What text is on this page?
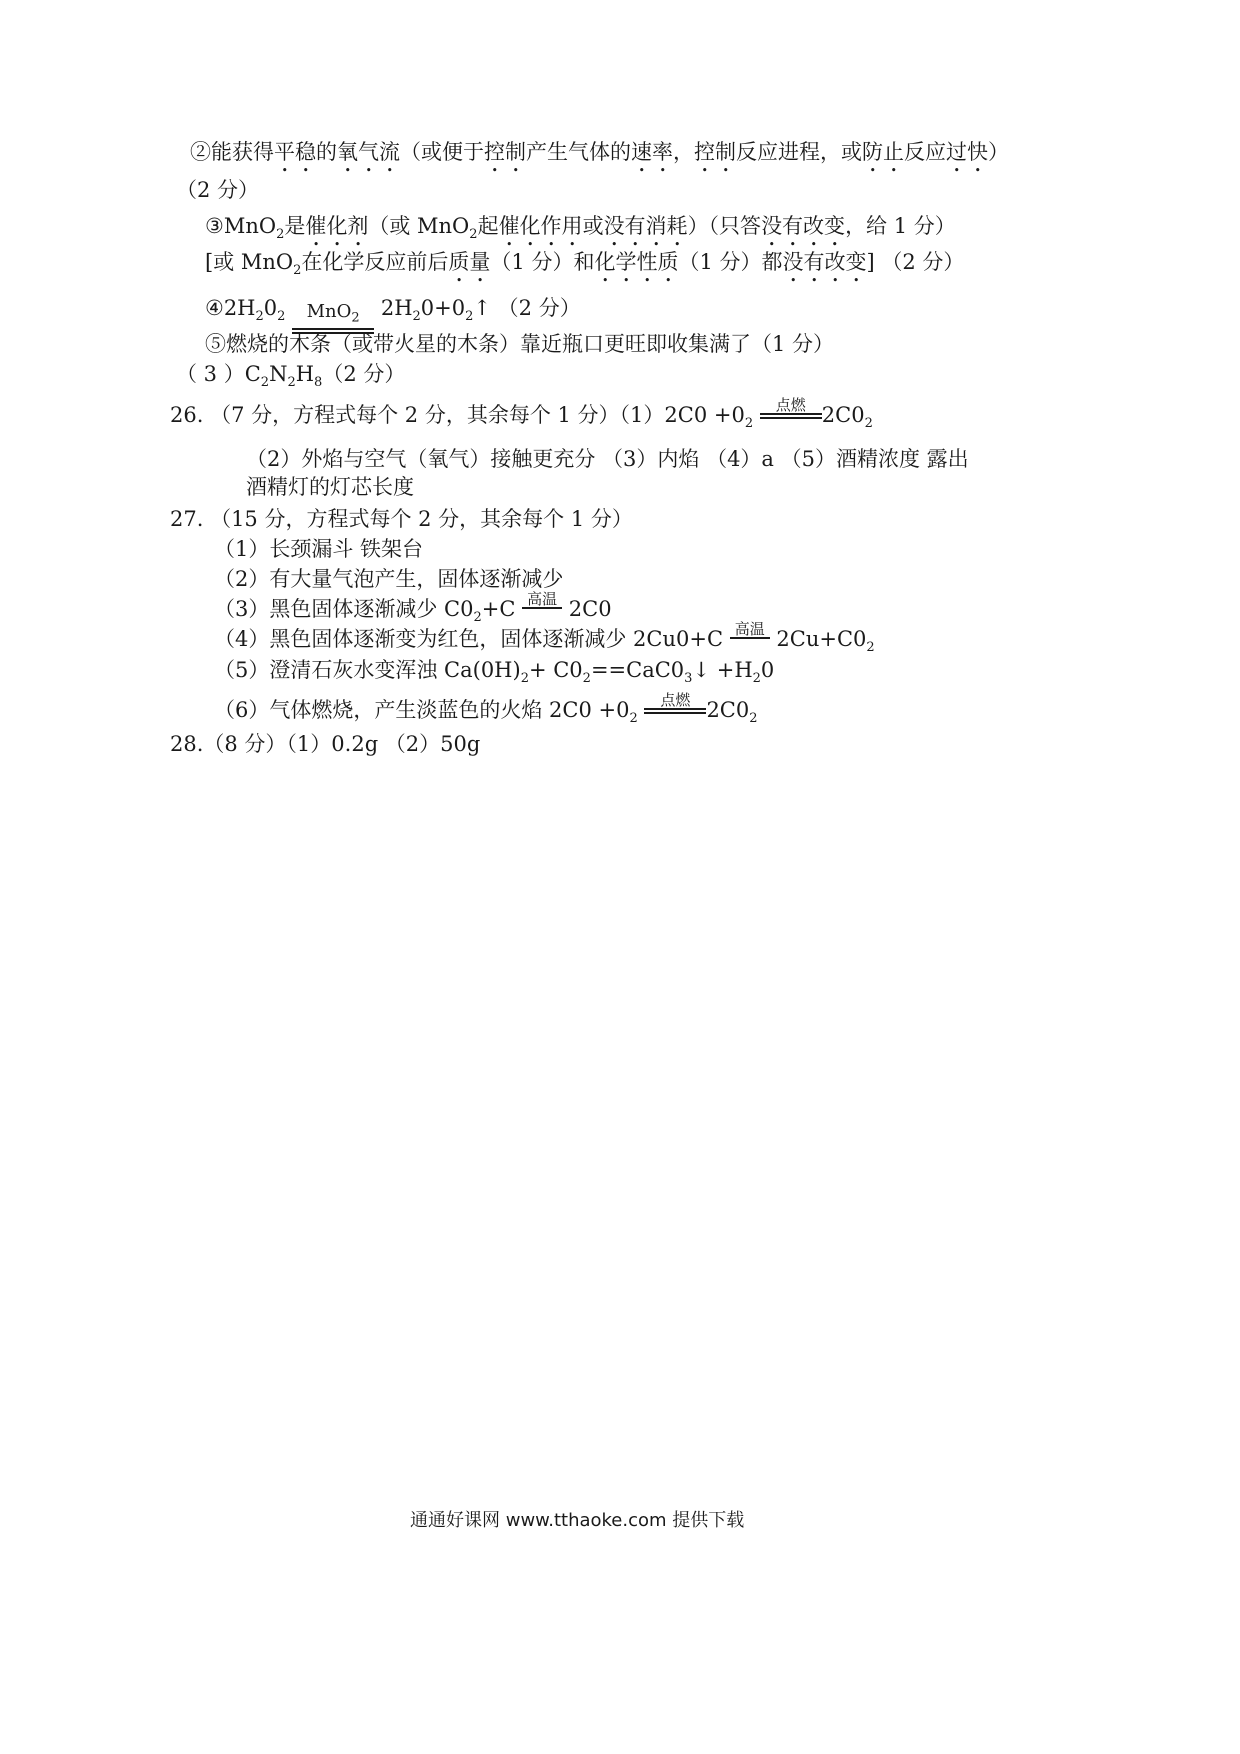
②能获得平稳的氧气流（或便于控制产生气体的速率，控制反应进程，或防止反应过快）
（2 分）
③MnO$_2$是催化剂（或 MnO$_2$起催化作用或没有消耗）（只答没有改变，给 1 分）
[或 MnO$_2$在化学反应前后质量（1 分）和化学性质（1 分）都没有改变] （2 分）
$④2H_20_2$	MnO$_2$	$2H_20+0_2↑$ （2 分）
⑤燃烧的木条（或带火星的木条）靠近瓶口更旺即收集满了（1 分）
（ 3 ）$C_2N_2H_8(2$ 分）
26. （7 分，方程式每个 2 分，其余每个 1 分）$(1)2C0 +0_2$
点燃 $2C0_2$
（2）外焰与空气（氧气）接触更充分 （3）内焰 （4）a （5）酒精浓度 露出
酒精灯的灯芯长度
27. （15 分，方程式每个 2 分，其余每个 1 分）
（1）长颈漏斗 铁架台
（2）有大量气泡产生，固体逐渐减少
（3）黑色固体逐渐减少 $C0_2+C$ 高温 2C0
（4）黑色固体逐渐变为红色，固体逐渐减少 2Cu0+C 高温 $2Cu+C0_2$
（5）澄清石灰水变浑浊 $Ca(0H)_2+$ $C0_2==CaC0_3↓ +H_20$
（6）气体燃烧，产生淡蓝色的火焰 $2C0 +0_2$
点燃 $2C0_2$
28.（8 分）（1）0.2g （2）50g
通通好课网 www.tthaoke.com 提供下载
